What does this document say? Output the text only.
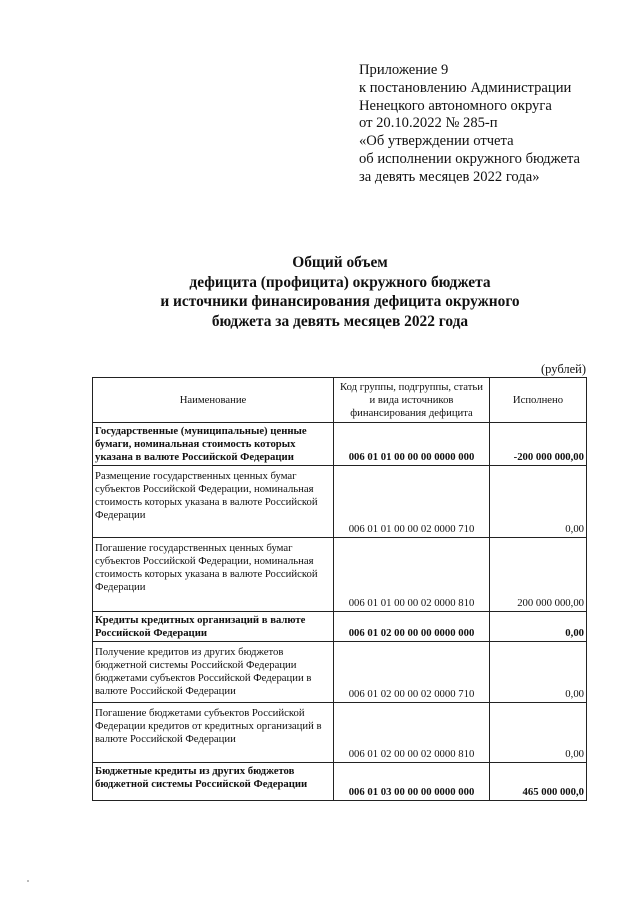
Приложение 9
к постановлению Администрации
Ненецкого автономного округа
от 20.10.2022 № 285-п
«Об утверждении отчета
об исполнении окружного бюджета
за девять месяцев 2022 года»
Общий объем
дефицита (профицита) окружного бюджета
и источники финансирования дефицита окружного
бюджета за девять месяцев 2022 года
(рублей)
Наименование	Код группы, подгруппы, статьи и вида источников финансирования дефицита	Исполнено
Государственные (муниципальные) ценные бумаги, номинальная стоимость которых указана в валюте Российской Федерации	006 01 01 00 00 00 0000 000	-200 000 000,00
Размещение государственных ценных бумаг субъектов Российской Федерации, номинальная стоимость которых указана в валюте Российской Федерации	006 01 01 00 00 02 0000 710	0,00
Погашение государственных ценных бумаг субъектов Российской Федерации, номинальная стоимость которых указана в валюте Российской Федерации	006 01 01 00 00 02 0000 810	200 000 000,00
Кредиты кредитных организаций в валюте Российской Федерации	006 01 02 00 00 00 0000 000	0,00
Получение кредитов из других бюджетов бюджетной системы Российской Федерации бюджетами субъектов Российской Федерации в валюте Российской Федерации	006 01 02 00 00 02 0000 710	0,00
Погашение бюджетами субъектов Российской Федерации кредитов от кредитных организаций в валюте Российской Федерации	006 01 02 00 00 02 0000 810	0,00
Бюджетные кредиты из других бюджетов бюджетной системы Российской Федерации	006 01 03 00 00 00 0000 000	465 000 000,0
